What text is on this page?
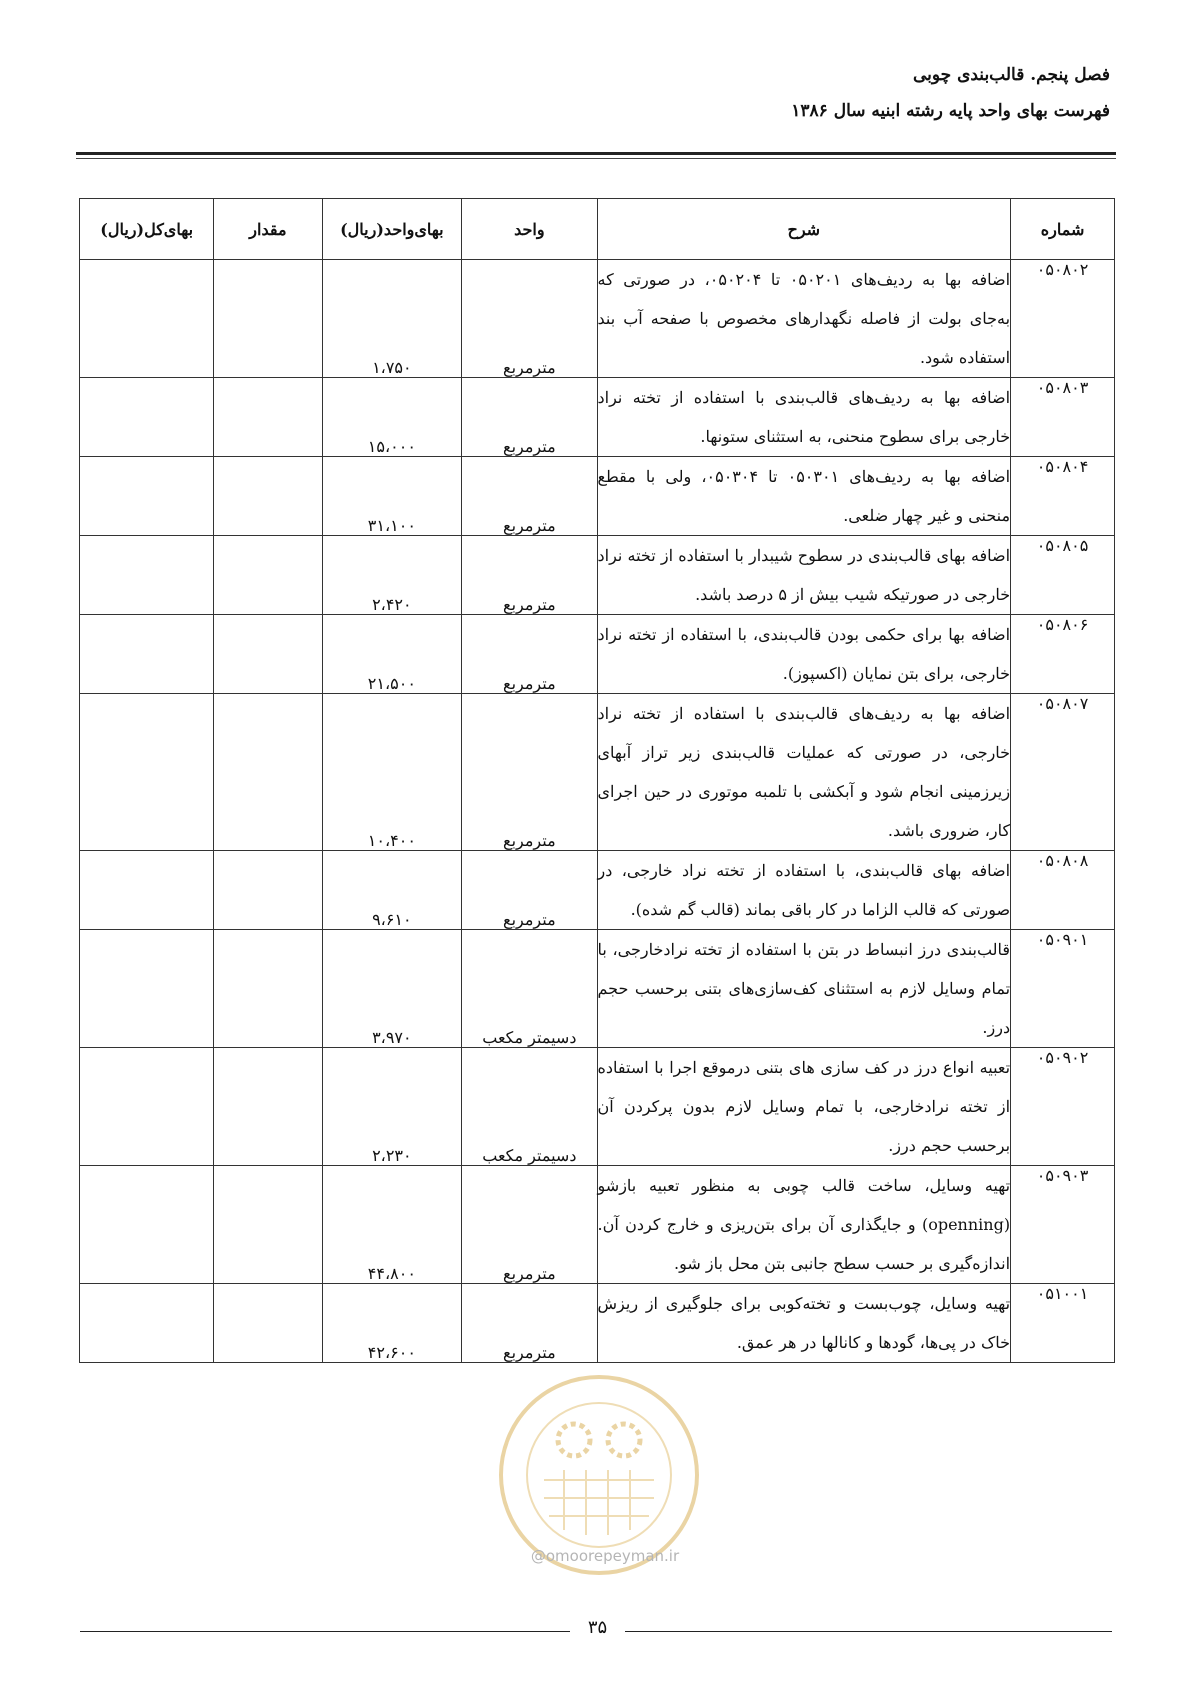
فصل پنجم. قالب‌بندی چوبی
فهرست بهای واحد پایه رشته ابنیه سال ۱۳۸۶
شماره	شرح	واحد	بهای‌واحد(ریال)	مقدار	بهای‌کل(ریال)
۰۵۰۸۰۲	اضافه بها به ردیف‌های ۰۵۰۲۰۱ تا ۰۵۰۲۰۴، در صورتی که به‌جای بولت از فاصله نگهدارهای مخصوص با صفحه آب بند استفاده شود.	مترمربع	۱،۷۵۰		
۰۵۰۸۰۳	اضافه بها به ردیف‌های قالب‌بندی با استفاده از تخته نراد خارجی برای سطوح منحنی، به استثنای ستونها.	مترمربع	۱۵،۰۰۰		
۰۵۰۸۰۴	اضافه بها به ردیف‌های ۰۵۰۳۰۱ تا ۰۵۰۳۰۴، ولی با مقطع منحنی و غیر چهار ضلعی.	مترمربع	۳۱،۱۰۰		
۰۵۰۸۰۵	اضافه بهای قالب‌بندی در سطوح شیبدار با استفاده از تخته نراد خارجی در صورتیکه شیب بیش از ۵ درصد باشد.	مترمربع	۲،۴۲۰		
۰۵۰۸۰۶	اضافه بها برای حکمی بودن قالب‌بندی، با استفاده از تخته نراد خارجی، برای بتن نمایان (اکسپوز).	مترمربع	۲۱،۵۰۰		
۰۵۰۸۰۷	اضافه بها به ردیف‌های قالب‌بندی با استفاده از تخته نراد خارجی، در صورتی که عملیات قالب‌بندی زیر تراز آبهای زیرزمینی انجام شود و آبکشی با تلمبه موتوری در حین اجرای کار، ضروری باشد.	مترمربع	۱۰،۴۰۰		
۰۵۰۸۰۸	اضافه بهای قالب‌بندی، با استفاده از تخته نراد خارجی، در صورتی که قالب الزاما در کار باقی بماند (قالب گم شده).	مترمربع	۹،۶۱۰		
۰۵۰۹۰۱	قالب‌بندی درز انبساط در بتن با استفاده از تخته نرادخارجی، با تمام وسایل لازم به استثنای کف‌سازی‌های بتنی برحسب حجم درز.	دسیمتر مکعب	۳،۹۷۰		
۰۵۰۹۰۲	تعبیه انواع درز در کف سازی های بتنی درموقع اجرا با استفاده از تخته نرادخارجی، با تمام وسایل لازم بدون پرکردن آن برحسب حجم درز.	دسیمتر مکعب	۲،۲۳۰		
۰۵۰۹۰۳	تهیه وسایل، ساخت قالب چوبی به منظور تعبیه بازشو (openning) و جایگذاری آن برای بتن‌ریزی و خارج کردن آن. اندازه‌گیری بر حسب سطح جانبی بتن محل باز شو.	مترمربع	۴۴،۸۰۰		
۰۵۱۰۰۱	تهیه وسایل، چوب‌بست و تخته‌کوبی برای جلوگیری از ریزش خاک در پی‌ها، گودها و کانالها در هر عمق.	مترمربع	۴۲،۶۰۰		
@omoorepeyman.ir
۳۵
